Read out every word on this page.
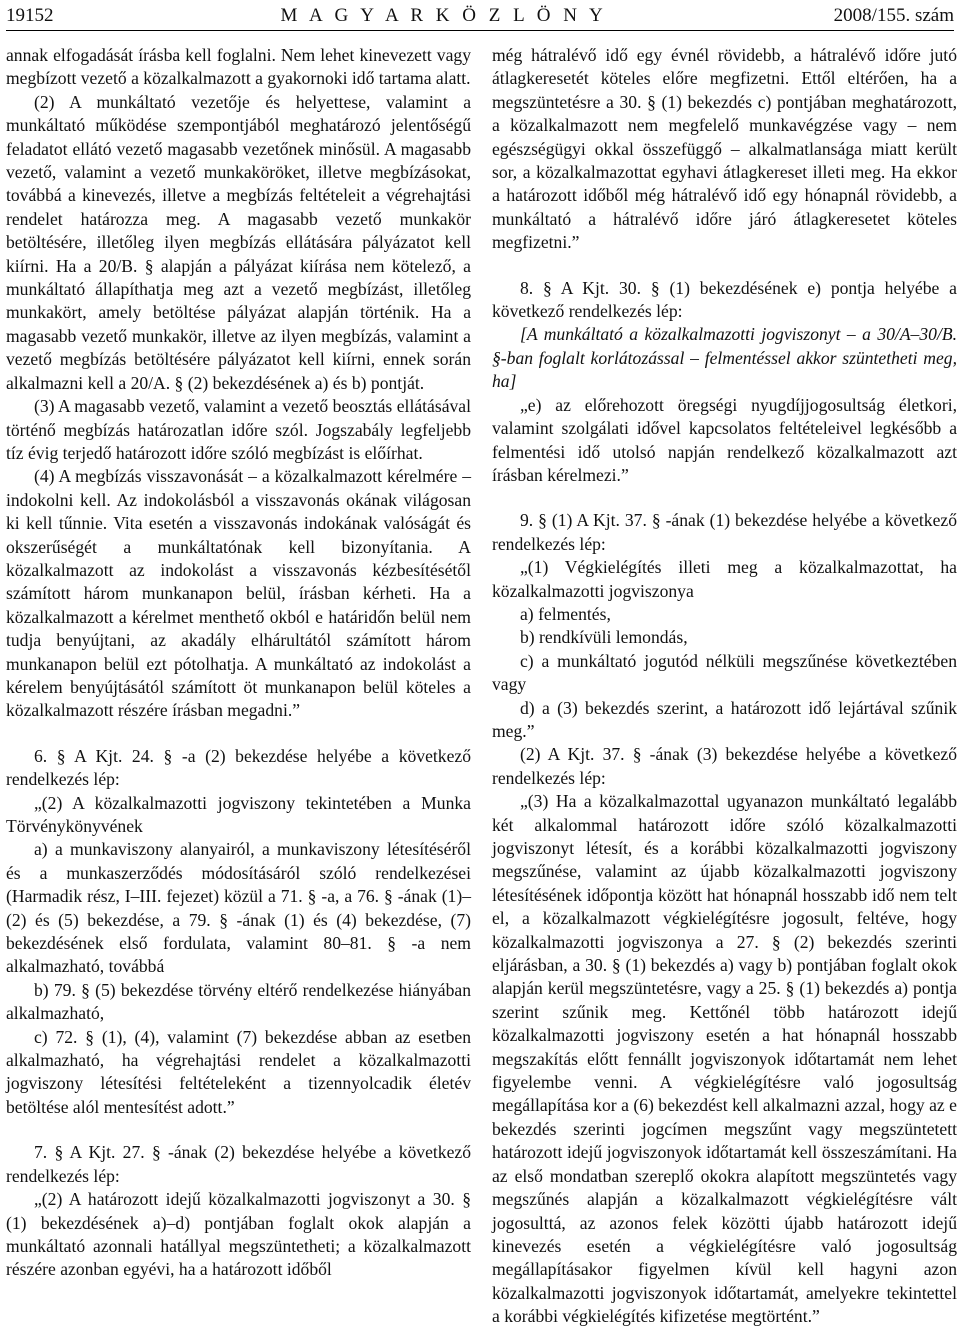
19152	M A G Y A R K Ö Z L Ö N Y	2008/155. szám

annak elfogadását írásba kell foglalni. Nem lehet kinevezett vagy megbízott vezető a közalkalmazott a gyakornoki idő tartama alatt.

(2) A munkáltató vezetője és helyettese, valamint a munkáltató működése szempontjából meghatározó jelentőségű feladatot ellátó vezető magasabb vezetőnek minősül. A magasabb vezető, valamint a vezető munkaköröket, illetve megbízásokat, továbbá a kinevezés, illetve a megbízás feltételeit a végrehajtási rendelet határozza meg. A magasabb vezető munkakör betöltésére, illetőleg ilyen megbízás ellátására pályázatot kell kiírni. Ha a 20/B. § alapján a pályázat kiírása nem kötelező, a munkáltató állapíthatja meg azt a vezető megbízást, illetőleg munkakört, amely betöltése pályázat alapján történik. Ha a magasabb vezető munkakör, illetve az ilyen megbízás, valamint a vezető megbízás betöltésére pályázatot kell kiírni, ennek során alkalmazni kell a 20/A. § (2) bekezdésének a) és b) pontját.

(3) A magasabb vezető, valamint a vezető beosztás ellátásával történő megbízás határozatlan időre szól. Jogszabály legfeljebb tíz évig terjedő határozott időre szóló megbízást is előírhat.

(4) A megbízás visszavonását – a közalkalmazott kérelmére – indokolni kell. Az indokolásból a visszavonás okának világosan ki kell tűnnie. Vita esetén a visszavonás indokának valóságát és okszerűségét a munkáltatónak kell bizonyítania. A közalkalmazott az indokolást a visszavonás kézbesítésétől számított három munkanapon belül, írásban kérheti. Ha a közalkalmazott a kérelmet menthető okból e határidőn belül nem tudja benyújtani, az akadály elhárultától számított három munkanapon belül ezt pótolhatja. A munkáltató az indokolást a kérelem benyújtásától számított öt munkanapon belül köteles a közalkalmazott részére írásban megadni.”

6. § A Kjt. 24. § -a (2) bekezdése helyébe a következő rendelkezés lép:

„(2) A közalkalmazotti jogviszony tekintetében a Munka Törvénykönyvének

a) a munkaviszony alanyairól, a munkaviszony létesítéséről és a munkaszerződés módosításáról szóló rendelkezései (Harmadik rész, I–III. fejezet) közül a 71. § -a, a 76. § -ának (1)–(2) és (5) bekezdése, a 79. § -ának (1) és (4) bekezdése, (7) bekezdésének első fordulata, valamint 80–81. § -a nem alkalmazható, továbbá

b) 79. § (5) bekezdése törvény eltérő rendelkezése hiányában alkalmazható,

c) 72. § (1), (4), valamint (7) bekezdése abban az esetben alkalmazható, ha végrehajtási rendelet a közalkalmazotti jogviszony létesítési feltételeként a tizennyolcadik életév betöltése alól mentesítést adott.”

7. § A Kjt. 27. § -ának (2) bekezdése helyébe a következő rendelkezés lép:

„(2) A határozott idejű közalkalmazotti jogviszonyt a 30. § (1) bekezdésének a)–d) pontjában foglalt okok alapján a munkáltató azonnali hatállyal megszüntetheti; a közalkalmazott részére azonban egyévi, ha a határozott időből

még hátralévő idő egy évnél rövidebb, a hátralévő időre jutó átlagkeresetét köteles előre megfizetni. Ettől eltérően, ha a megszüntetésre a 30. § (1) bekezdés c) pontjában meghatározott, a közalkalmazott nem megfelelő munkavégzése vagy – nem egészségügyi okkal összefüggő – alkalmatlansága miatt került sor, a közalkalmazottat egyhavi átlagkereset illeti meg. Ha ekkor a határozott időből még hátralévő idő egy hónapnál rövidebb, a munkáltató a hátralévő időre járó átlagkeresetet köteles megfizetni.”

8. § A Kjt. 30. § (1) bekezdésének e) pontja helyébe a következő rendelkezés lép:

[A munkáltató a közalkalmazotti jogviszonyt – a 30/A–30/B. §-ban foglalt korlátozással – felmentéssel akkor szüntetheti meg, ha]

„e) az előrehozott öregségi nyugdíjjogosultság életkori, valamint szolgálati idővel kapcsolatos feltételeivel legkésőbb a felmentési idő utolsó napján rendelkező közalkalmazott azt írásban kérelmezi.”

9. § (1) A Kjt. 37. § -ának (1) bekezdése helyébe a következő rendelkezés lép:

„(1) Végkielégítés illeti meg a közalkalmazottat, ha közalkalmazotti jogviszonya

a) felmentés,

b) rendkívüli lemondás,

c) a munkáltató jogutód nélküli megszűnése következtében vagy

d) a (3) bekezdés szerint, a határozott idő lejártával szűnik meg.”

(2) A Kjt. 37. § -ának (3) bekezdése helyébe a következő rendelkezés lép:

„(3) Ha a közalkalmazottal ugyanazon munkáltató legalább két alkalommal határozott időre szóló közalkalmazotti jogviszonyt létesít, és a korábbi közalkalmazotti jogviszony megszűnése, valamint az újabb közalkalmazotti jogviszony létesítésének időpontja között hat hónapnál hosszabb idő nem telt el, a közalkalmazott végkielégítésre jogosult, feltéve, hogy közalkalmazotti jogviszonya a 27. § (2) bekezdés szerinti eljárásban, a 30. § (1) bekezdés a) vagy b) pontjában foglalt okok alapján kerül megszüntetésre, vagy a 25. § (1) bekezdés a) pontja szerint szűnik meg. Kettőnél több határozott idejű közalkalmazotti jogviszony esetén a hat hónapnál hosszabb megszakítás előtt fennállt jogviszonyok időtartamát nem lehet figyelembe venni. A végkielégítésre való jogosultság megállapítása kor a (6) bekezdést kell alkalmazni azzal, hogy az e bekezdés szerinti jogcímen megszűnt vagy megszüntetett határozott idejű jogviszonyok időtartamát kell összeszámítani. Ha az első mondatban szereplő okokra alapított megszüntetés vagy megszűnés alapján a közalkalmazott végkielégítésre vált jogosulttá, az azonos felek közötti újabb határozott idejű kinevezés esetén a végkielégítésre való jogosultság megállapításakor figyelmen kívül kell hagyni azon közalkalmazotti jogviszonyok időtartamát, amelyekre tekintettel a korábbi végkielégítés kifizetése megtörtént.”
